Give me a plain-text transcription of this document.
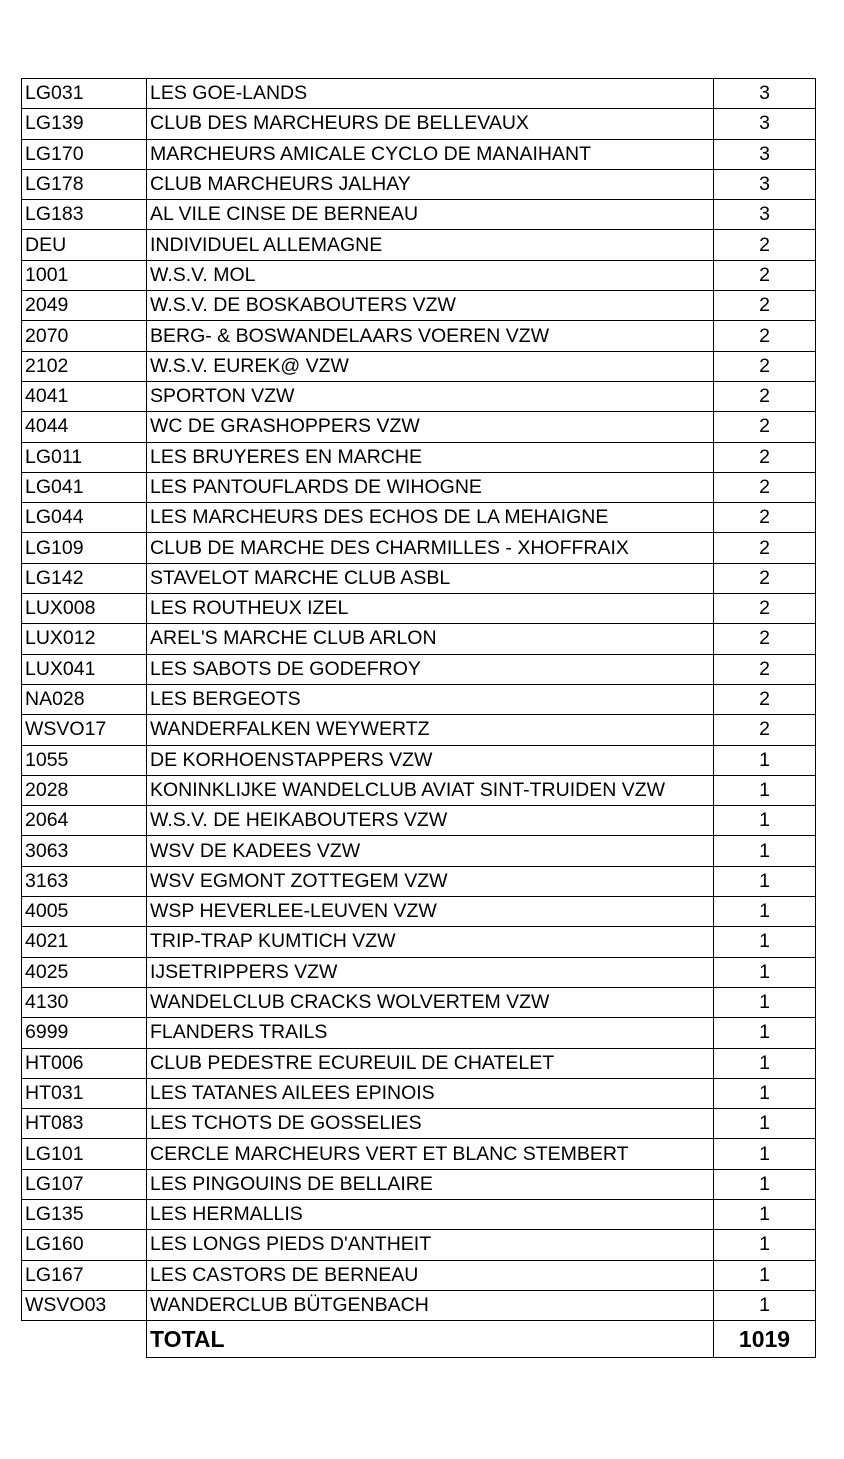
LG031	LES GOE-LANDS	3
LG139	CLUB DES MARCHEURS DE BELLEVAUX	3
LG170	MARCHEURS AMICALE CYCLO DE MANAIHANT	3
LG178	CLUB MARCHEURS JALHAY	3
LG183	AL VILE CINSE DE BERNEAU	3
DEU	INDIVIDUEL ALLEMAGNE	2
1001	W.S.V. MOL	2
2049	W.S.V. DE BOSKABOUTERS VZW	2
2070	BERG- & BOSWANDELAARS VOEREN VZW	2
2102	W.S.V. EUREK@ VZW	2
4041	SPORTON VZW	2
4044	WC DE GRASHOPPERS VZW	2
LG011	LES BRUYERES EN MARCHE	2
LG041	LES PANTOUFLARDS DE WIHOGNE	2
LG044	LES MARCHEURS DES ECHOS DE LA MEHAIGNE	2
LG109	CLUB DE MARCHE DES CHARMILLES - XHOFFRAIX	2
LG142	STAVELOT MARCHE CLUB ASBL	2
LUX008	LES ROUTHEUX IZEL	2
LUX012	AREL'S MARCHE CLUB ARLON	2
LUX041	LES SABOTS DE GODEFROY	2
NA028	LES BERGEOTS	2
WSVO17	WANDERFALKEN WEYWERTZ	2
1055	DE KORHOENSTAPPERS VZW	1
2028	KONINKLIJKE WANDELCLUB AVIAT SINT-TRUIDEN VZW	1
2064	W.S.V. DE HEIKABOUTERS VZW	1
3063	WSV DE KADEES VZW	1
3163	WSV EGMONT ZOTTEGEM VZW	1
4005	WSP HEVERLEE-LEUVEN VZW	1
4021	TRIP-TRAP KUMTICH VZW	1
4025	IJSETRIPPERS VZW	1
4130	WANDELCLUB CRACKS WOLVERTEM VZW	1
6999	FLANDERS TRAILS	1
HT006	CLUB PEDESTRE ECUREUIL DE CHATELET	1
HT031	LES TATANES AILEES EPINOIS	1
HT083	LES TCHOTS DE GOSSELIES	1
LG101	CERCLE MARCHEURS VERT ET BLANC STEMBERT	1
LG107	LES PINGOUINS DE BELLAIRE	1
LG135	LES HERMALLIS	1
LG160	LES LONGS PIEDS D'ANTHEIT	1
LG167	LES CASTORS DE BERNEAU	1
WSVO03	WANDERCLUB BÜTGENBACH	1
	TOTAL	1019
